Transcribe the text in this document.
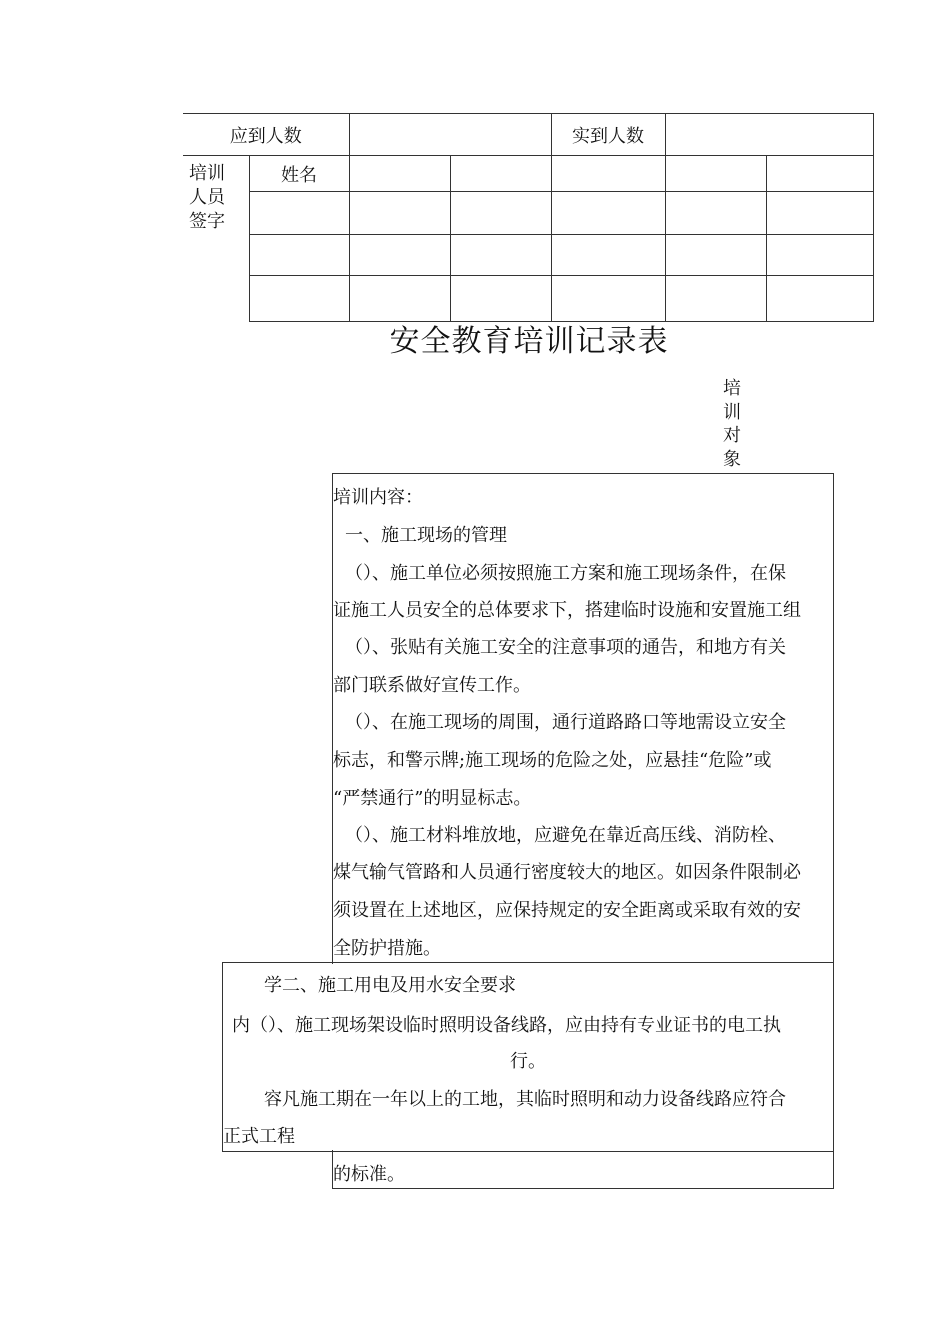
应到人数				实到人数		

培训
人员
签字	姓名					

安全教育培训记录表
培
训
对
象
培训内容：
一、施工现场的管理
（）、施工单位必须按照施工方案和施工现场条件，在保
证施工人员安全的总体要求下，搭建临时设施和安置施工组
（）、张贴有关施工安全的注意事项的通告，和地方有关
部门联系做好宣传工作。
（）、在施工现场的周围，通行道路路口等地需设立安全
标志，和警示牌;施工现场的危险之处，应悬挂“危险”或
“严禁通行”的明显标志。
（）、施工材料堆放地，应避免在靠近高压线、消防栓、
煤气输气管路和人员通行密度较大的地区。如因条件限制必
须设置在上述地区，应保持规定的安全距离或采取有效的安
全防护措施。
学二、施工用电及用水安全要求
内（）、施工现场架设临时照明设备线路，应由持有专业证书的电工执
行。
容凡施工期在一年以上的工地，其临时照明和动力设备线路应符合
正式工程
的标准。
